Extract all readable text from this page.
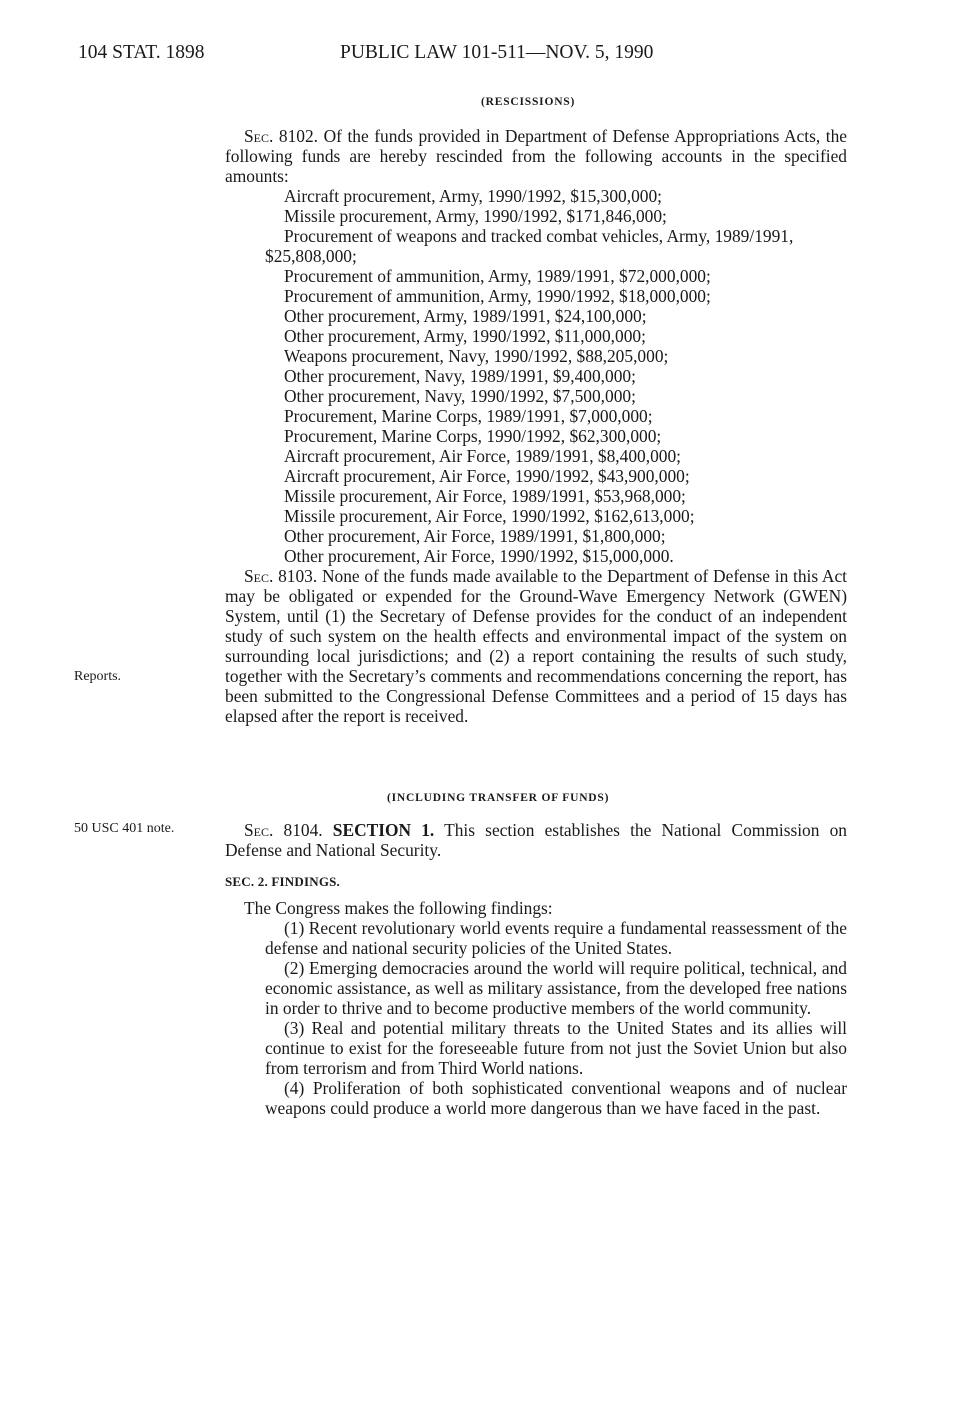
104 STAT. 1898	PUBLIC LAW 101-511—NOV. 5, 1990
(RESCISSIONS)

Sec. 8102. Of the funds provided in Department of Defense Appropriations Acts, the following funds are hereby rescinded from the following accounts in the specified amounts:

Aircraft procurement, Army, 1990/1992, $15,300,000;
Missile procurement, Army, 1990/1992, $171,846,000;
Procurement of weapons and tracked combat vehicles, Army, 1989/1991, $25,808,000;
Procurement of ammunition, Army, 1989/1991, $72,000,000;
Procurement of ammunition, Army, 1990/1992, $18,000,000;
Other procurement, Army, 1989/1991, $24,100,000;
Other procurement, Army, 1990/1992, $11,000,000;
Weapons procurement, Navy, 1990/1992, $88,205,000;
Other procurement, Navy, 1989/1991, $9,400,000;
Other procurement, Navy, 1990/1992, $7,500,000;
Procurement, Marine Corps, 1989/1991, $7,000,000;
Procurement, Marine Corps, 1990/1992, $62,300,000;
Aircraft procurement, Air Force, 1989/1991, $8,400,000;
Aircraft procurement, Air Force, 1990/1992, $43,900,000;
Missile procurement, Air Force, 1989/1991, $53,968,000;
Missile procurement, Air Force, 1990/1992, $162,613,000;
Other procurement, Air Force, 1989/1991, $1,800,000;
Other procurement, Air Force, 1990/1992, $15,000,000.

Sec. 8103. None of the funds made available to the Department of Defense in this Act may be obligated or expended for the Ground-Wave Emergency Network (GWEN) System, until (1) the Secretary of Defense provides for the conduct of an independent study of such system on the health effects and environmental impact of the system on surrounding local jurisdictions; and (2) a report containing the results of such study, together with the Secretary’s comments and recommendations concerning the report, has been submitted to the Congressional Defense Committees and a period of 15 days has elapsed after the report is received.

Reports.
(INCLUDING TRANSFER OF FUNDS)
50 USC 401 note.	Sec. 8104. SECTION 1. This section establishes the National Commission on Defense and National Security.

SEC. 2. FINDINGS.

The Congress makes the following findings:

(1) Recent revolutionary world events require a fundamental reassessment of the defense and national security policies of the United States.

(2) Emerging democracies around the world will require political, technical, and economic assistance, as well as military assistance, from the developed free nations in order to thrive and to become productive members of the world community.

(3) Real and potential military threats to the United States and its allies will continue to exist for the foreseeable future from not just the Soviet Union but also from terrorism and from Third World nations.

(4) Proliferation of both sophisticated conventional weapons and of nuclear weapons could produce a world more dangerous than we have faced in the past.
